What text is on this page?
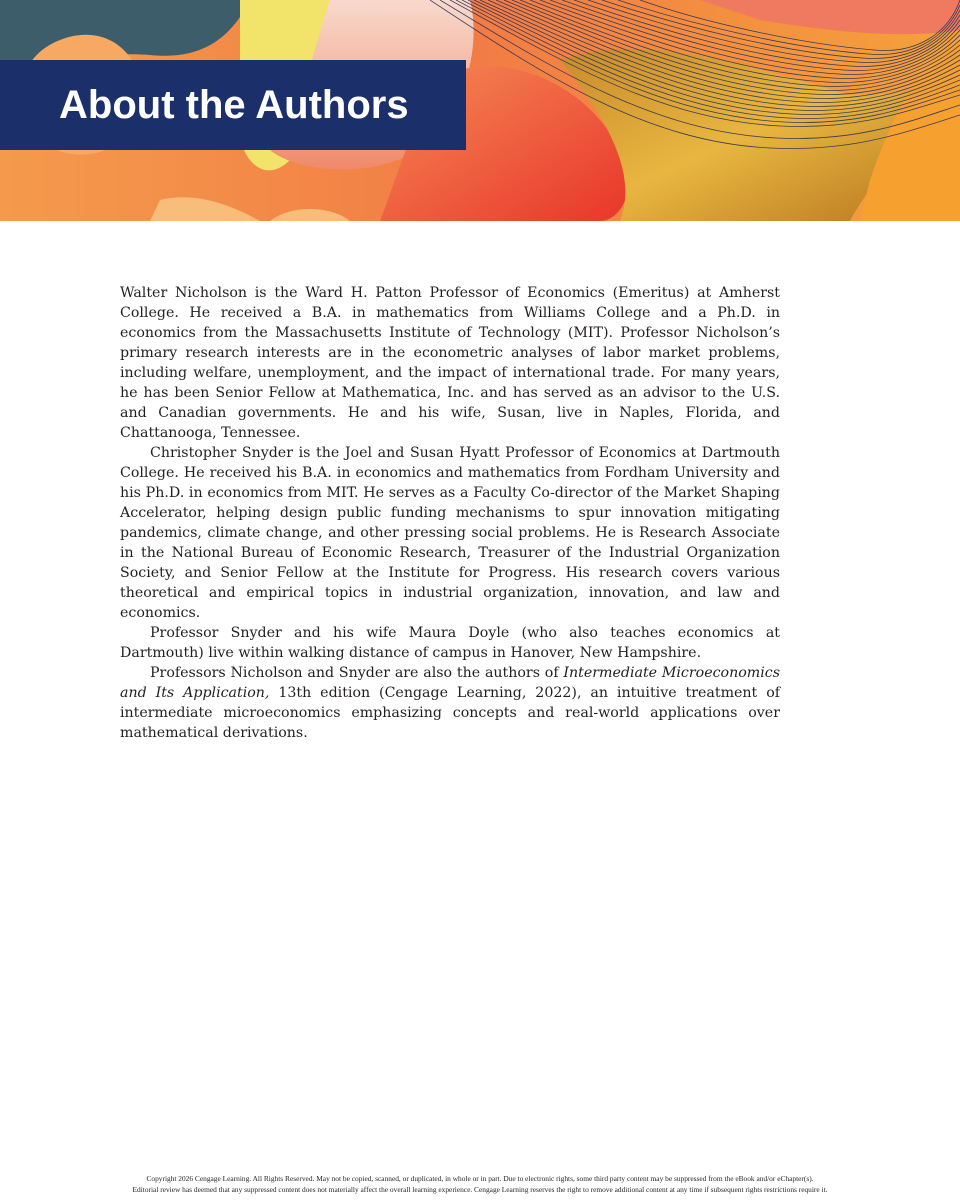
About the Authors

Walter Nicholson is the Ward H. Patton Professor of Economics (Emeritus) at Amherst College. He received a B.A. in mathematics from Williams College and a Ph.D. in economics from the Massachusetts Institute of Technology (MIT). Professor Nicholson’s primary research interests are in the econometric analyses of labor market problems, including welfare, unemployment, and the impact of international trade. For many years, he has been Senior Fellow at Mathematica, Inc. and has served as an advisor to the U.S. and Canadian governments. He and his wife, Susan, live in Naples, Florida, and Chattanooga, Tennessee.

Christopher Snyder is the Joel and Susan Hyatt Professor of Economics at Dartmouth College. He received his B.A. in economics and mathematics from Fordham University and his Ph.D. in economics from MIT. He serves as a Faculty Co-director of the Market Shaping Accelerator, helping design public funding mechanisms to spur innovation mitigating pandemics, climate change, and other pressing social problems. He is Research Associate in the National Bureau of Economic Research, Treasurer of the Industrial Organization Society, and Senior Fellow at the Institute for Progress. His research covers various theoretical and empirical topics in industrial organization, innovation, and law and economics.

Professor Snyder and his wife Maura Doyle (who also teaches economics at Dartmouth) live within walking distance of campus in Hanover, New Hampshire.

Professors Nicholson and Snyder are also the authors of Intermediate Microeconomics and Its Application, 13th edition (Cengage Learning, 2022), an intuitive treatment of intermediate microeconomics emphasizing concepts and real-world applications over mathematical derivations.

Copyright 2026 Cengage Learning. All Rights Reserved. May not be copied, scanned, or duplicated, in whole or in part. Due to electronic rights, some third party content may be suppressed from the eBook and/or eChapter(s).
Editorial review has deemed that any suppressed content does not materially affect the overall learning experience. Cengage Learning reserves the right to remove additional content at any time if subsequent rights restrictions require it.
